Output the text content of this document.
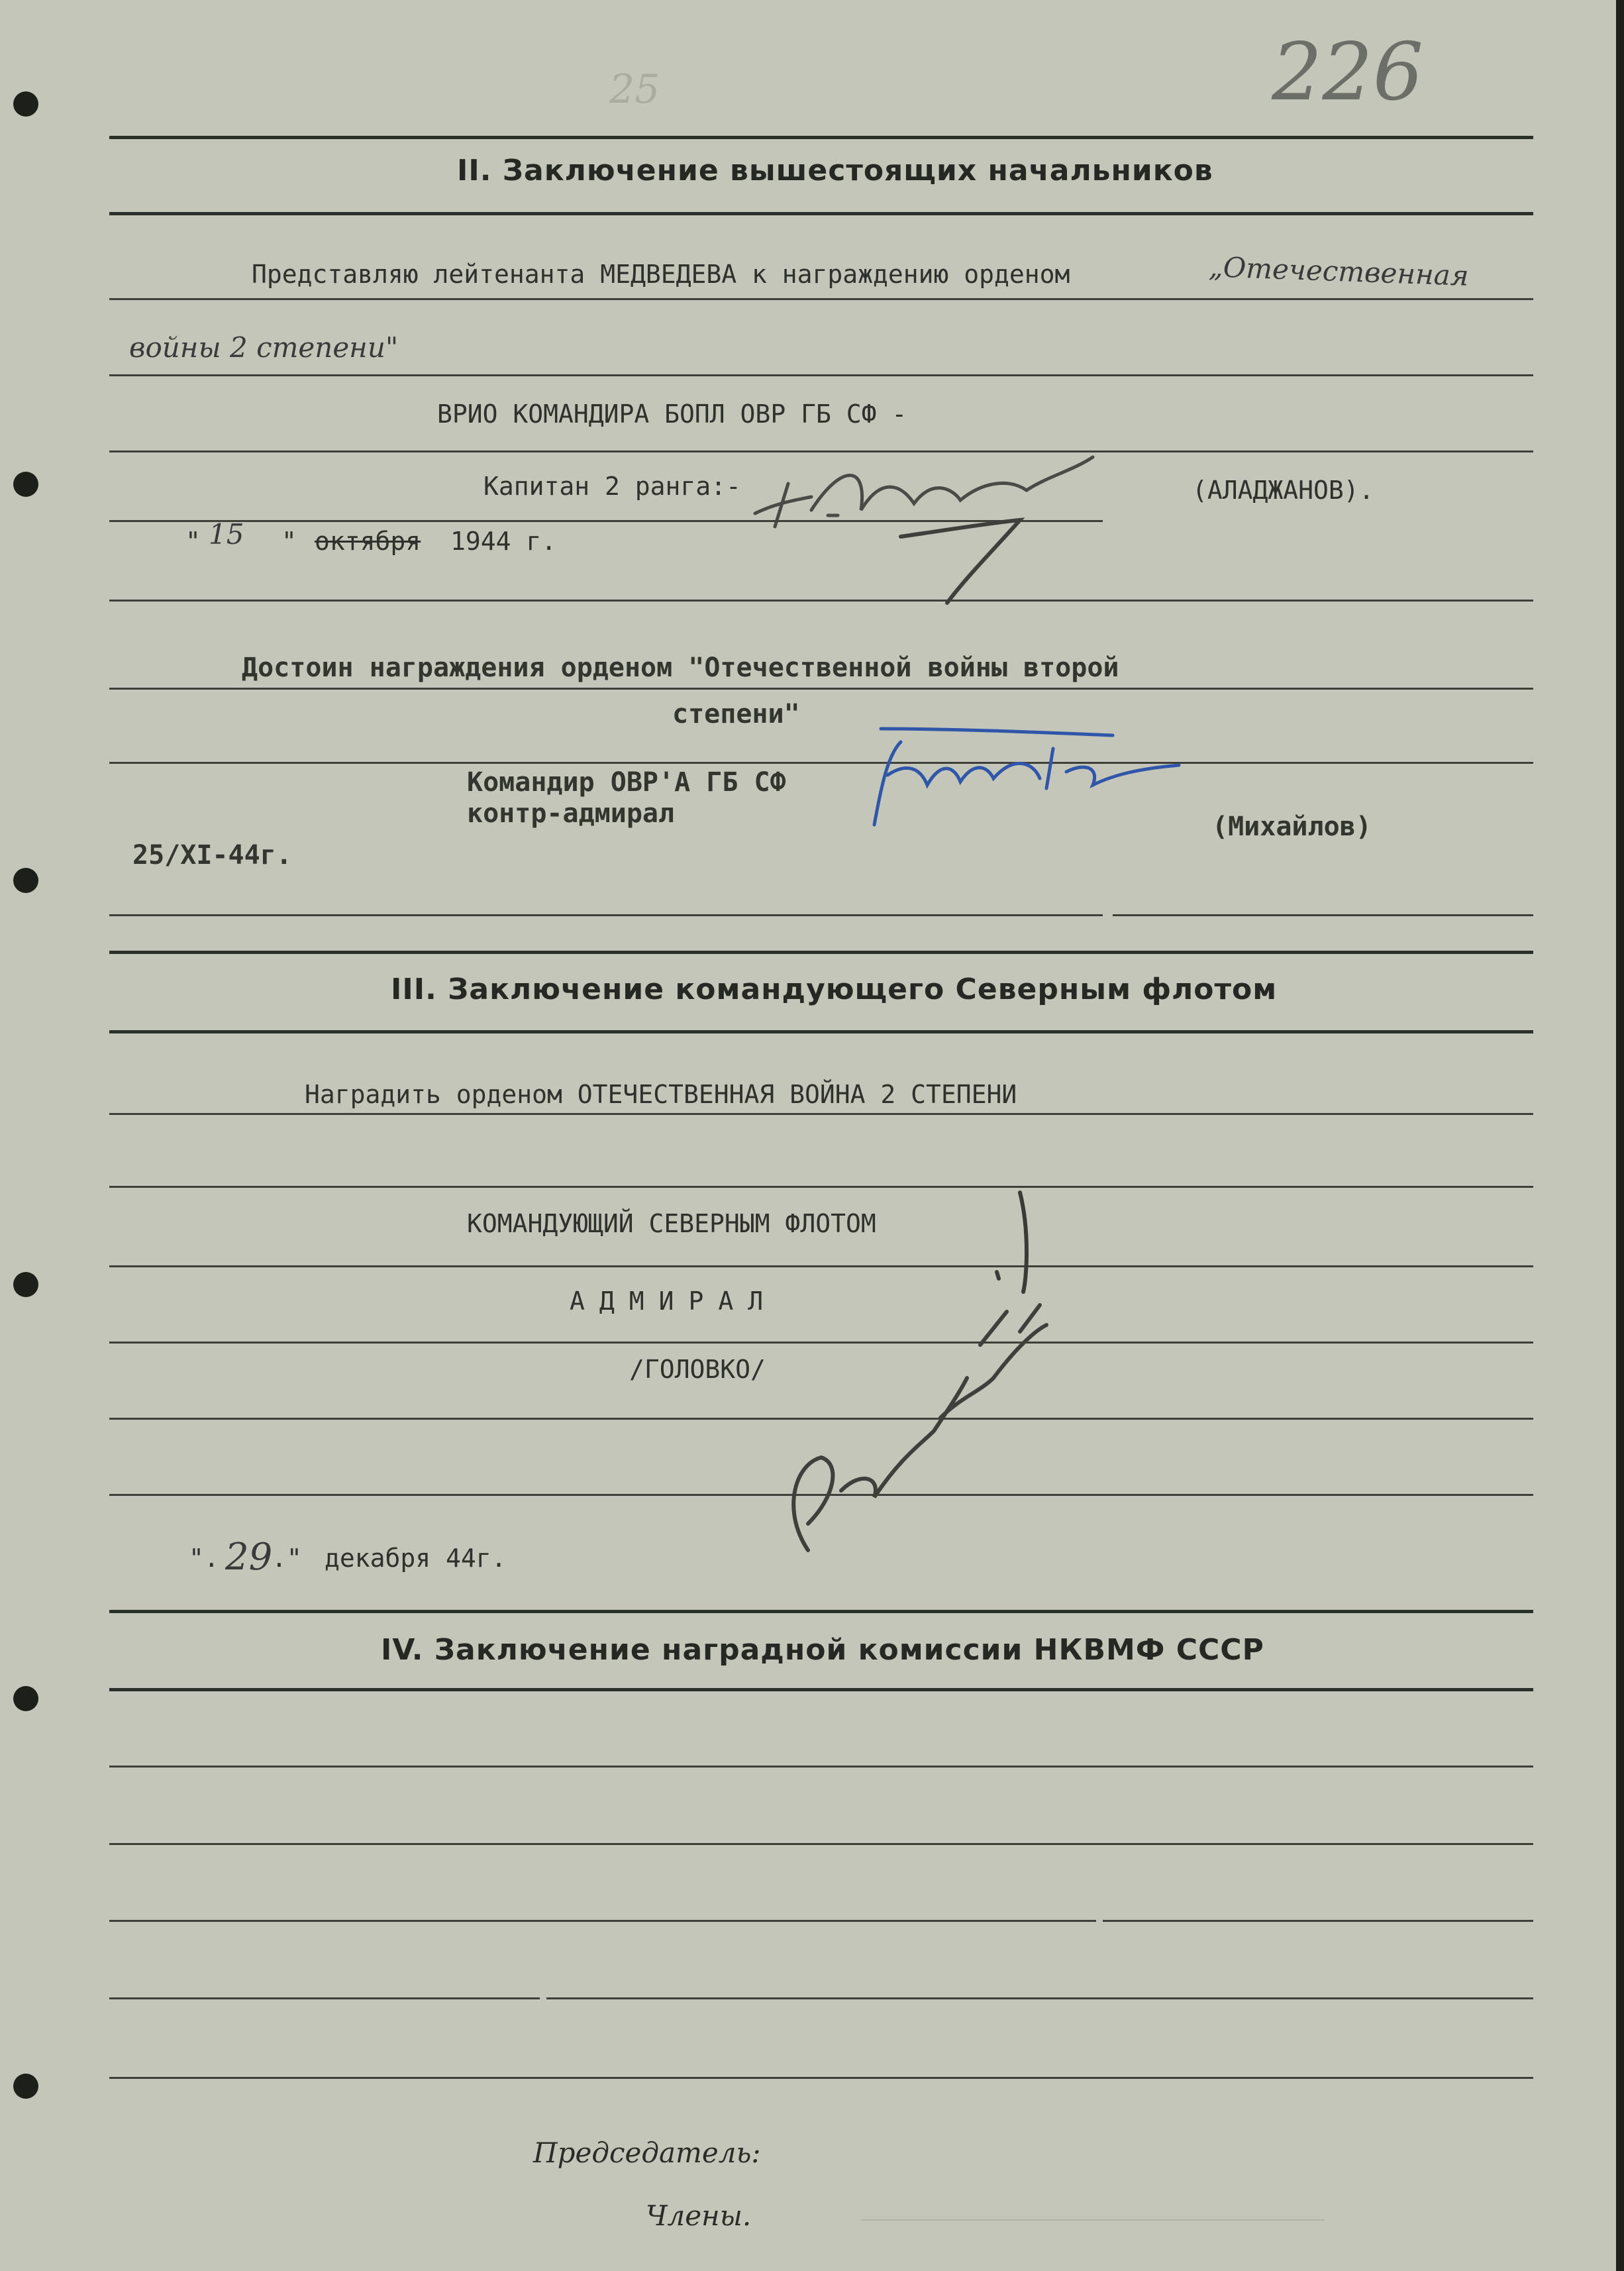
226
25
II. Заключение вышестоящих начальников
Представляю лейтенанта МЕДВЕДЕВА к награждению орденом	„Отечественная
войны 2 степени"
ВРИО КОМАНДИРА БОПЛ ОВР ГБ СФ -
Капитан 2 ранга:-	(АЛАДЖАНОВ).
" 15 " октября 1944 г.
Достоин награждения орденом "Отечественной войны второй
степени"
Командир ОВР'А ГБ СФ
контр-адмирал	(Михайлов)
25/XI-44г.
III. Заключение командующего Северным флотом
Наградить орденом ОТЕЧЕСТВЕННАЯ ВОЙНА 2 СТЕПЕНИ
КОМАНДУЮЩИЙ СЕВЕРНЫМ ФЛОТОМ
АДМИРАЛ
/ГОЛОВКО/
". 29
." декабря 44г.
IV. Заключение наградной комиссии НКВМФ СССР
Председатель:
Члены.
